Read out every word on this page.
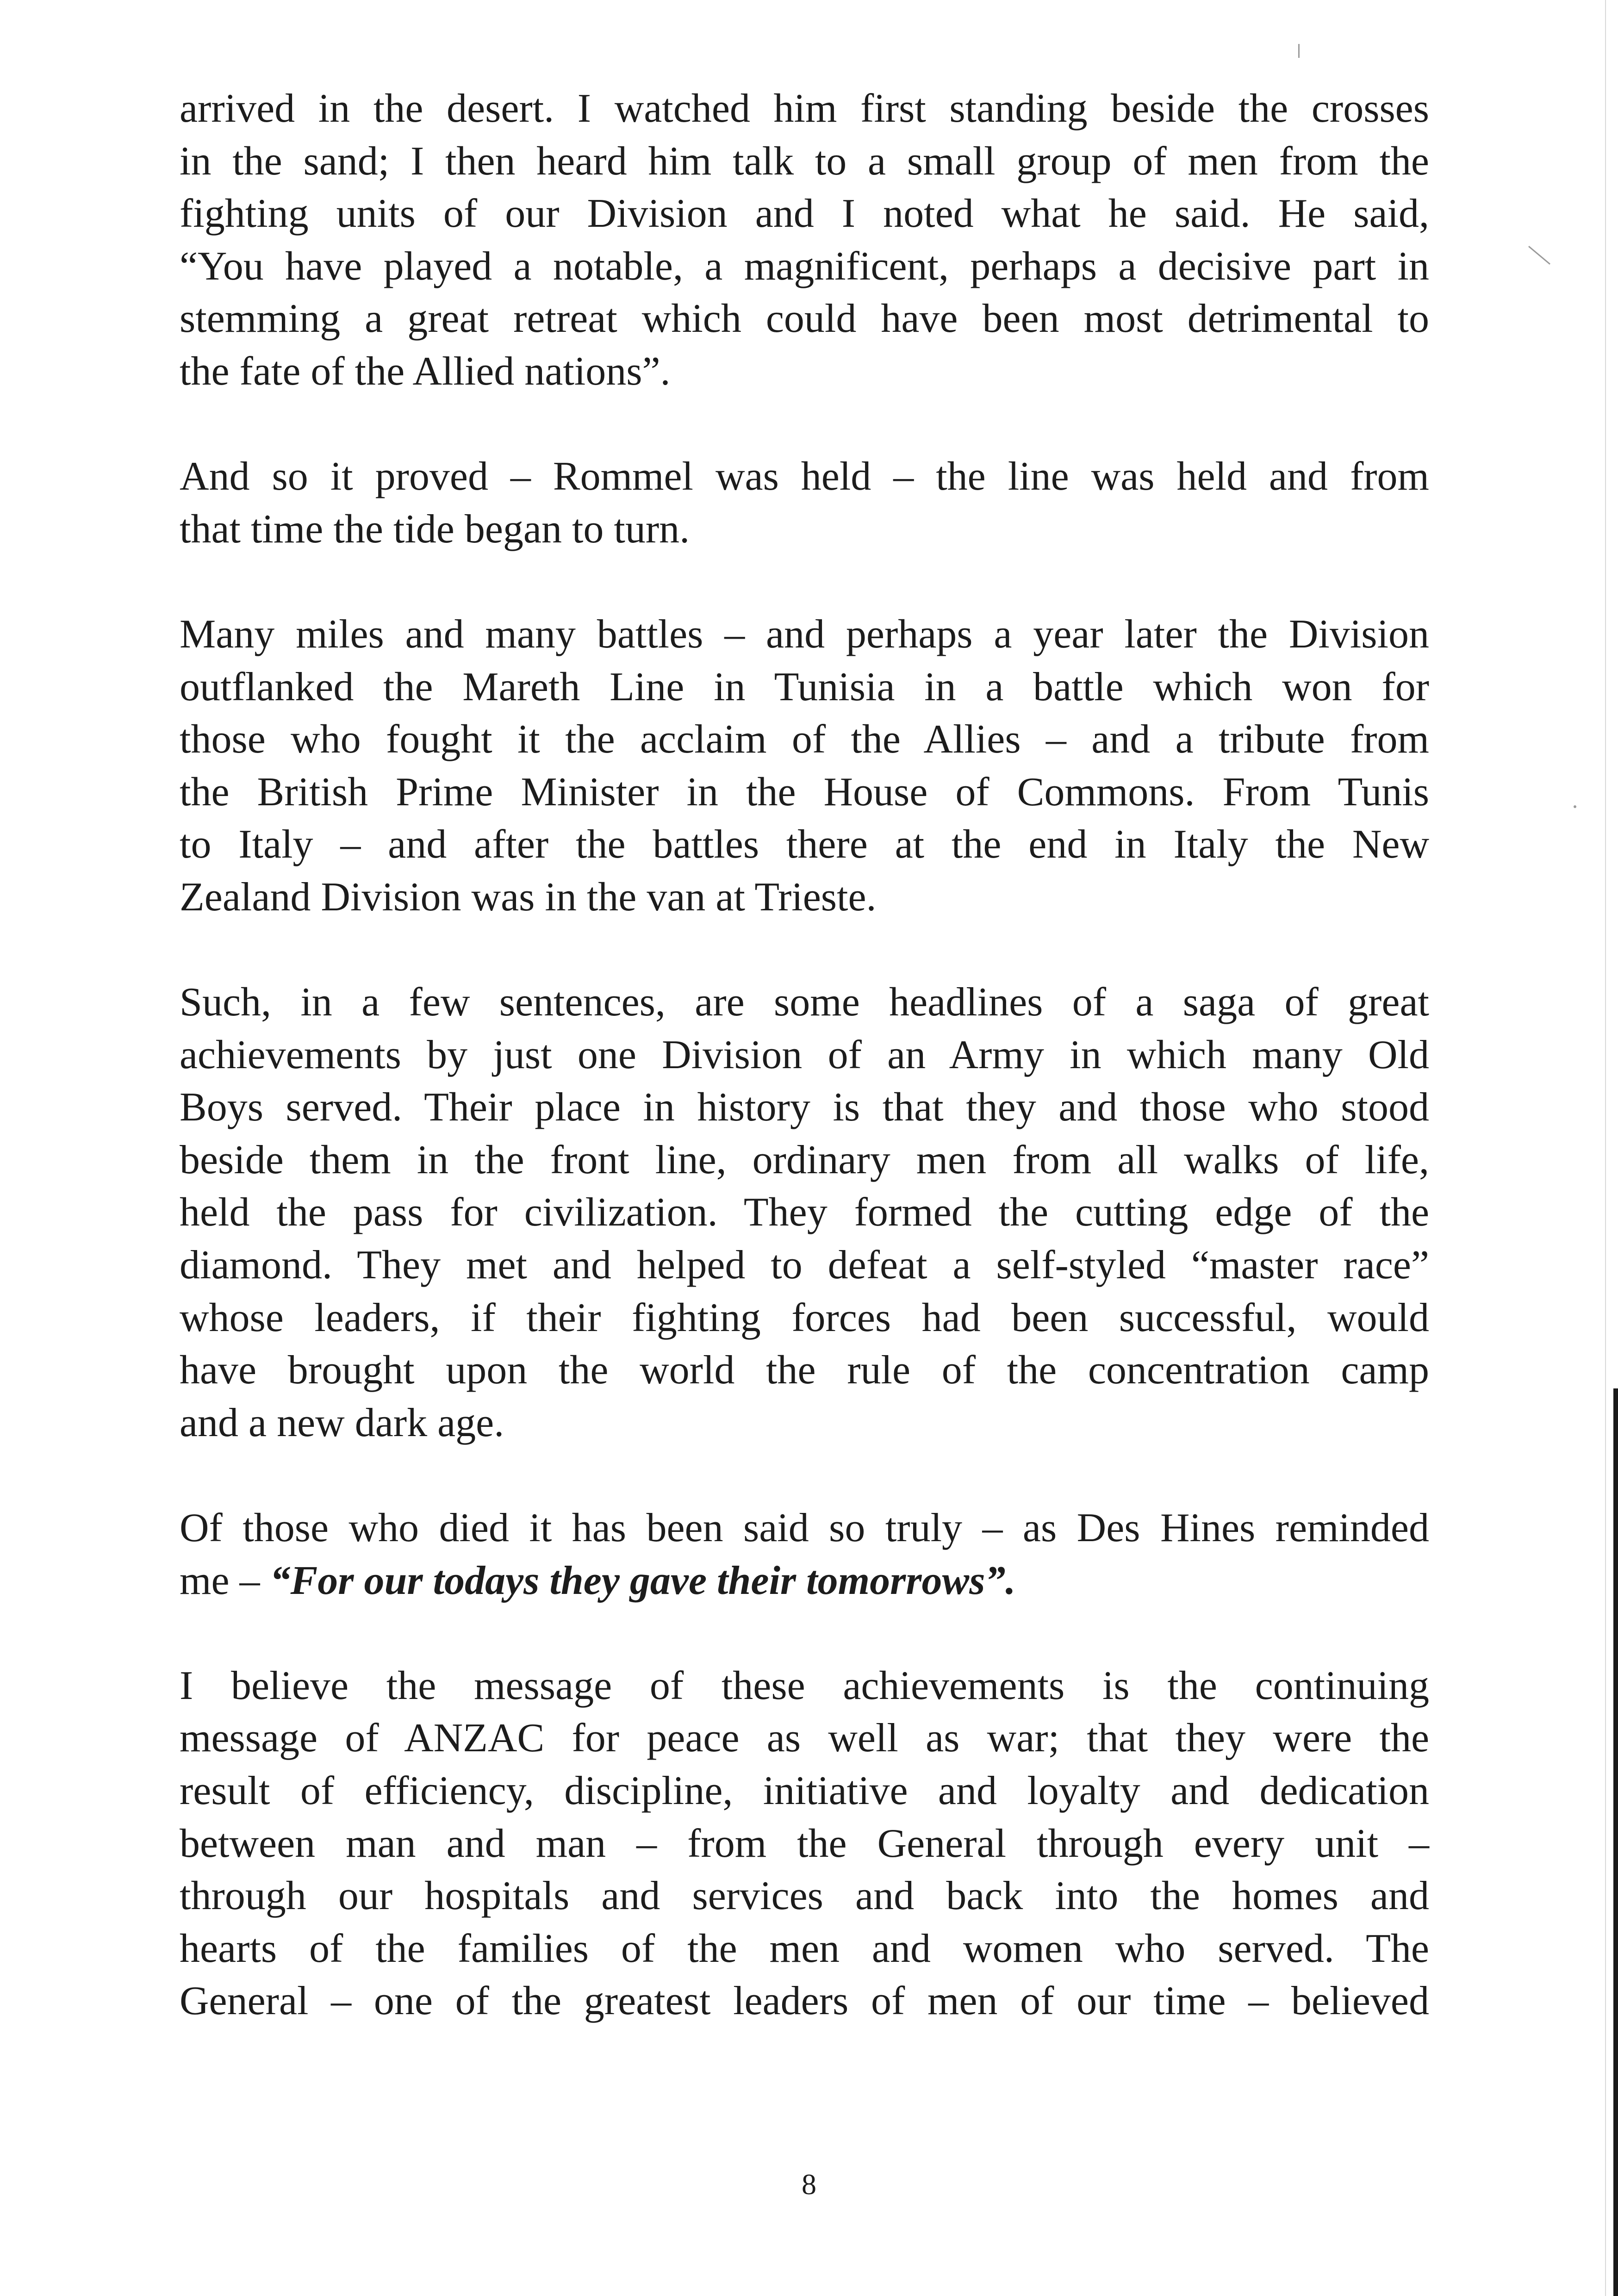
arrived in the desert. I watched him first standing beside the crosses
in the sand; I then heard him talk to a small group of men from the
fighting units of our Division and I noted what he said. He said,
“You have played a notable, a magnificent, perhaps a decisive part in
stemming a great retreat which could have been most detrimental to
the fate of the Allied nations”.
And so it proved – Rommel was held – the line was held and from
that time the tide began to turn.
Many miles and many battles – and perhaps a year later the Division
outflanked the Mareth Line in Tunisia in a battle which won for
those who fought it the acclaim of the Allies – and a tribute from
the British Prime Minister in the House of Commons. From Tunis
to Italy – and after the battles there at the end in Italy the New
Zealand Division was in the van at Trieste.
Such, in a few sentences, are some headlines of a saga of great
achievements by just one Division of an Army in which many Old
Boys served. Their place in history is that they and those who stood
beside them in the front line, ordinary men from all walks of life,
held the pass for civilization. They formed the cutting edge of the
diamond. They met and helped to defeat a self-styled “master race”
whose leaders, if their fighting forces had been successful, would
have brought upon the world the rule of the concentration camp
and a new dark age.
Of those who died it has been said so truly – as Des Hines reminded
me – “For our todays they gave their tomorrows”.
I believe the message of these achievements is the continuing
message of ANZAC for peace as well as war; that they were the
result of efficiency, discipline, initiative and loyalty and dedication
between man and man – from the General through every unit –
through our hospitals and services and back into the homes and
hearts of the families of the men and women who served. The
General – one of the greatest leaders of men of our time – believed
8
